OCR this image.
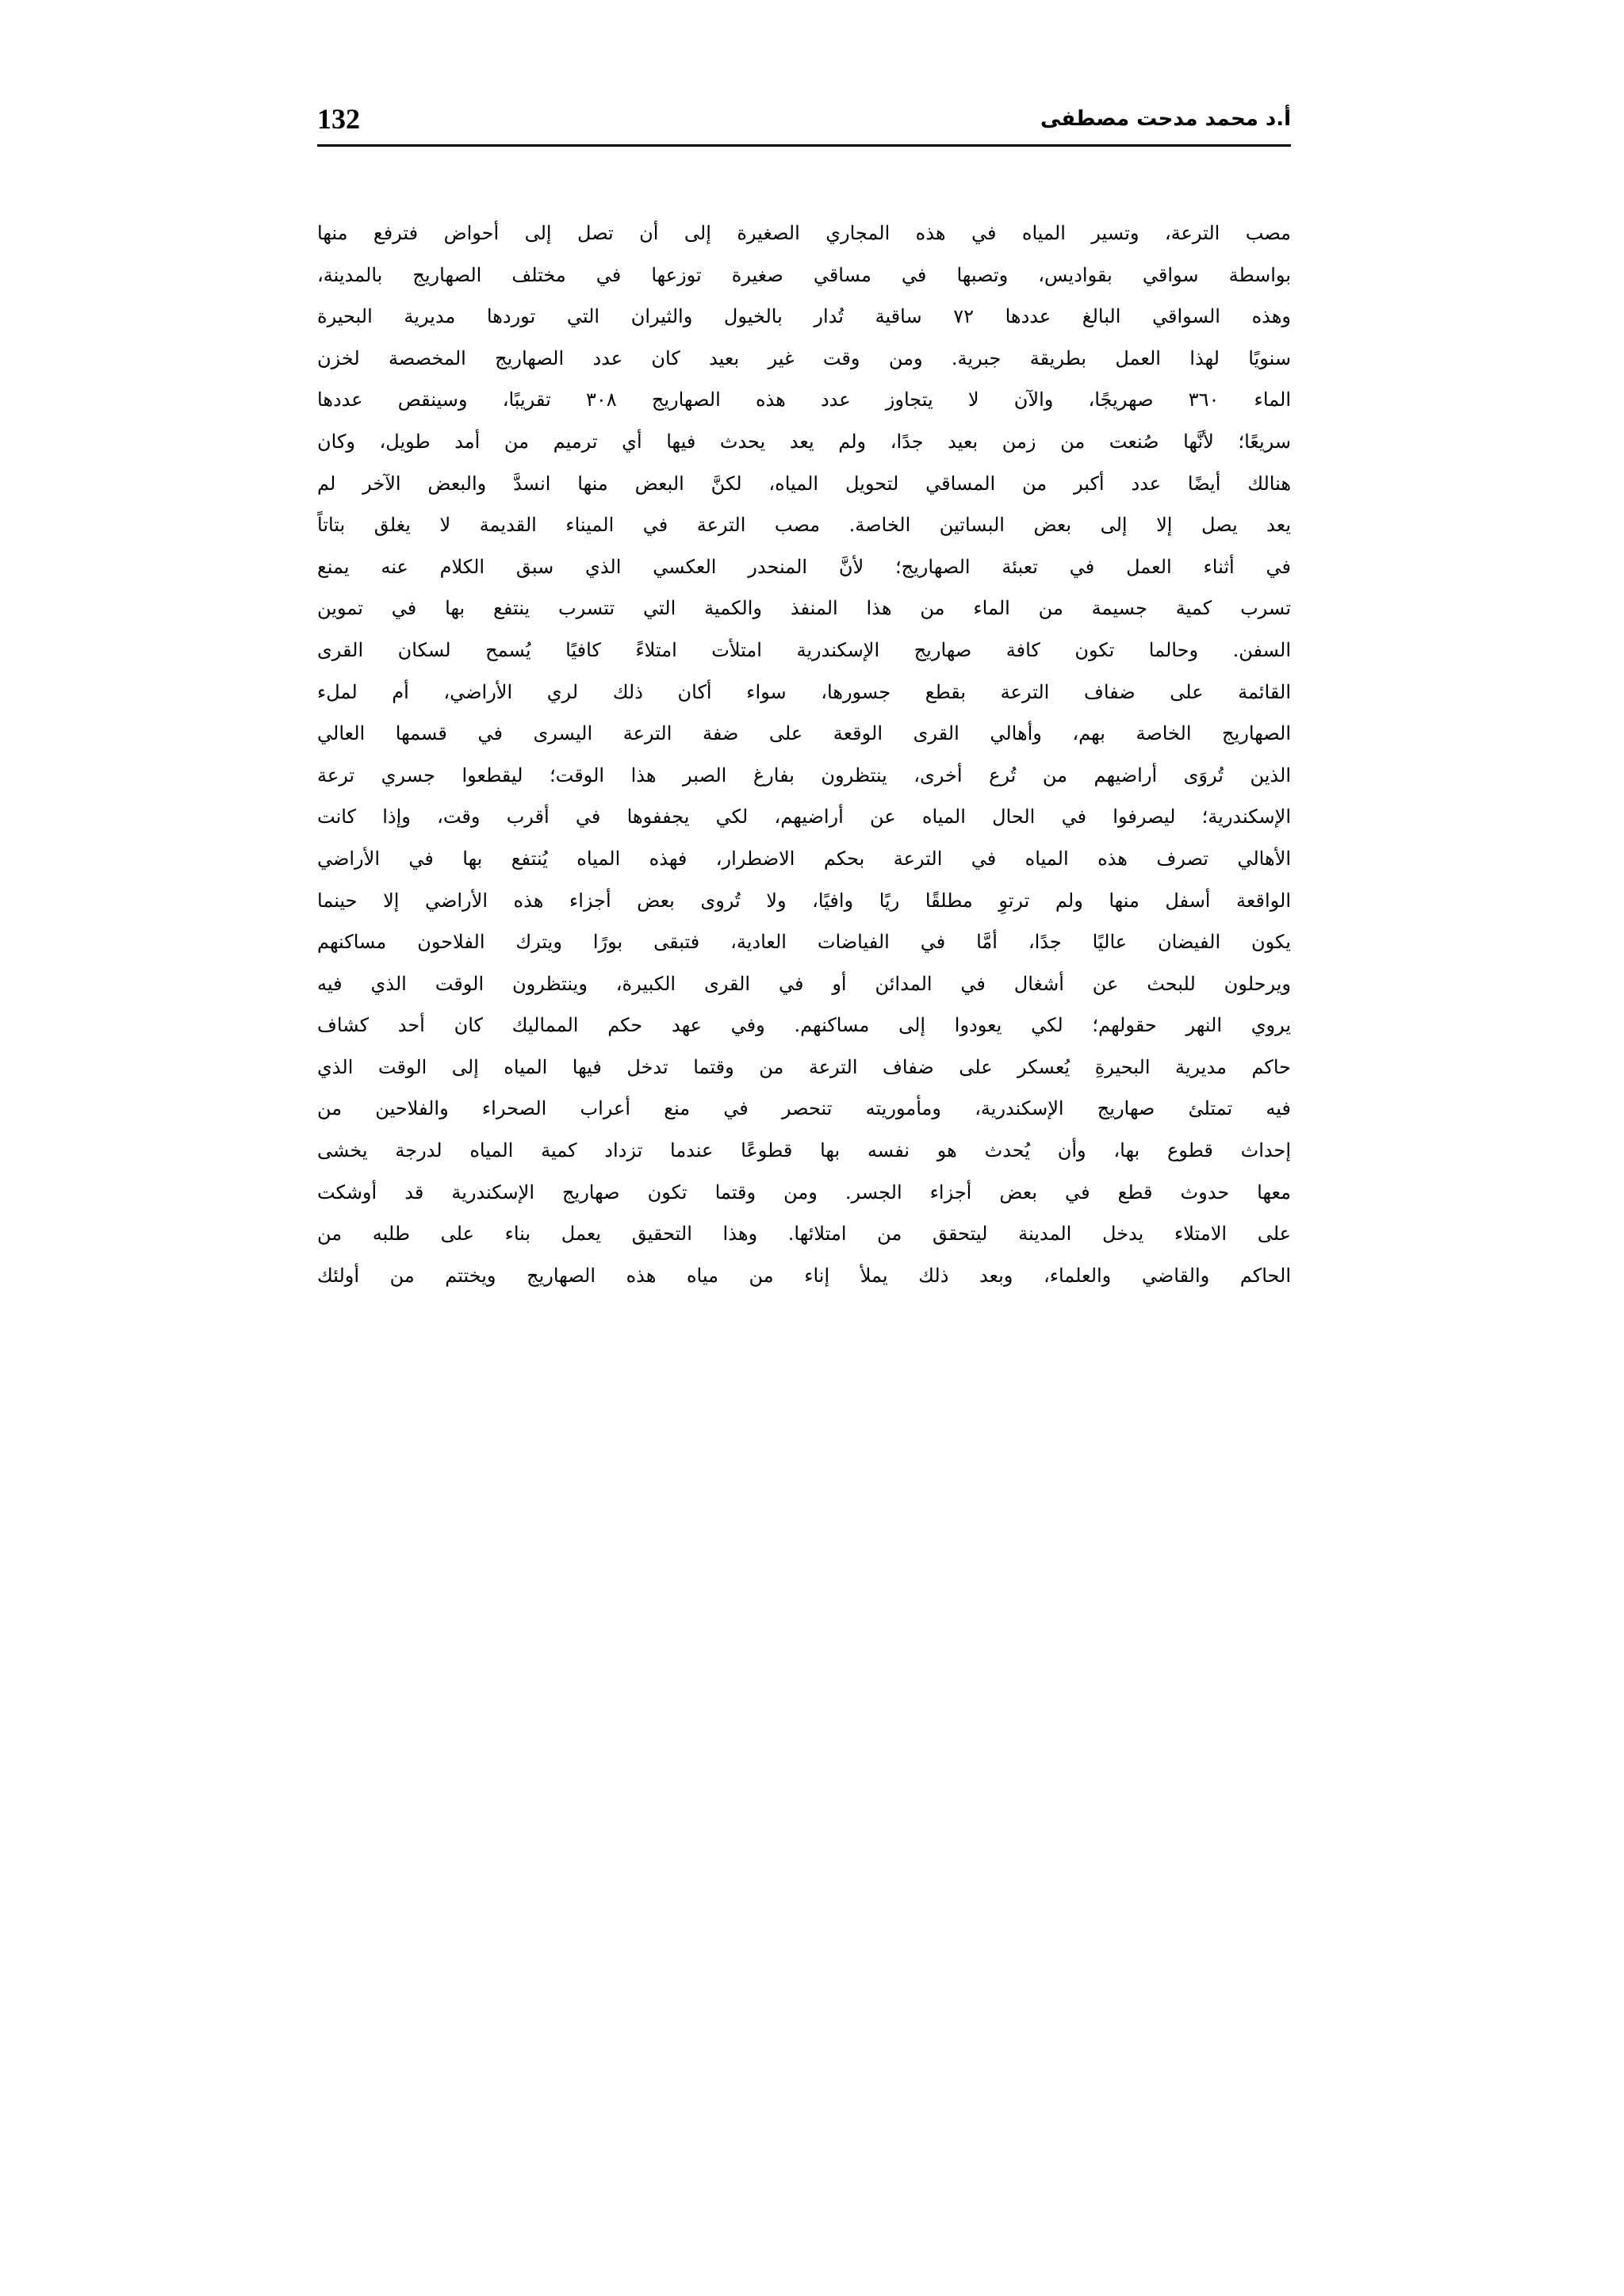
132	أ.د محمد مدحت مصطفى
مصب الترعة، وتسير المياه في هذه المجاري الصغيرة إلى أن تصل إلى أحواض فترفع منها
بواسطة سواقي بقواديس، وتصبها في مساقي صغيرة توزعها في مختلف الصهاريج بالمدينة،
وهذه السواقي البالغ عددها ٧٢ ساقية تُدار بالخيول والثيران التي توردها مديرية البحيرة
سنويًا لهذا العمل بطريقة جبرية. ومن وقت غير بعيد كان عدد الصهاريج المخصصة لخزن
الماء ٣٦٠ صهريجًا، والآن لا يتجاوز عدد هذه الصهاريج ٣٠٨ تقريبًا، وسينقص عددها
سريعًا؛ لأنَّها صُنعت من زمن بعيد جدًا، ولم يعد يحدث فيها أي ترميم من أمد طويل، وكان
هنالك أيضًا عدد أكبر من المساقي لتحويل المياه، لكنَّ البعض منها انسدَّ والبعض الآخر لم
يعد يصل إلا إلى بعض البساتين الخاصة. مصب الترعة في الميناء القديمة لا يغلق بتاتاً
في أثناء العمل في تعبئة الصهاريج؛ لأنَّ المنحدر العكسي الذي سبق الكلام عنه يمنع
تسرب كمية جسيمة من الماء من هذا المنفذ والكمية التي تتسرب ينتفع بها في تموين
السفن. وحالما تكون كافة صهاريج الإسكندرية امتلأت امتلاءً كافيًا يُسمح لسكان القرى
القائمة على ضفاف الترعة بقطع جسورها، سواء أكان ذلك لري الأراضي، أم لملء
الصهاريج الخاصة بهم، وأهالي القرى الوقعة على ضفة الترعة اليسرى في قسمها العالي
الذين تُروَى أراضيهم من تُرع أخرى، ينتظرون بفارغ الصبر هذا الوقت؛ ليقطعوا جسري ترعة
الإسكندرية؛ ليصرفوا في الحال المياه عن أراضيهم، لكي يجففوها في أقرب وقت، وإذا كانت
الأهالي تصرف هذه المياه في الترعة بحكم الاضطرار، فهذه المياه يُنتفع بها في الأراضي
الواقعة أسفل منها ولم ترتوِ مطلقًا ريًا وافيًا، ولا تُروى بعض أجزاء هذه الأراضي إلا حينما
يكون الفيضان عاليًا جدًا، أمَّا في الفياضات العادية، فتبقى بورًا ويترك الفلاحون مساكنهم
ويرحلون للبحث عن أشغال في المدائن أو في القرى الكبيرة، وينتظرون الوقت الذي فيه
يروي النهر حقولهم؛ لكي يعودوا إلى مساكنهم. وفي عهد حكم المماليك كان أحد كشاف
حاكم مديرية البحيرةِ يُعسكر على ضفاف الترعة من وقتما تدخل فيها المياه إلى الوقت الذي
فيه تمتلئ صهاريج الإسكندرية، ومأموريته تنحصر في منع أعراب الصحراء والفلاحين من
إحداث قطوع بها، وأن يُحدث هو نفسه بها قطوعًا عندما تزداد كمية المياه لدرجة يخشى
معها حدوث قطع في بعض أجزاء الجسر. ومن وقتما تكون صهاريج الإسكندرية قد أوشكت
على الامتلاء يدخل المدينة ليتحقق من امتلائها. وهذا التحقيق يعمل بناء على طلبه من
الحاكم والقاضي والعلماء، وبعد ذلك يملأ إناء من مياه هذه الصهاريج ويختتم من أولئك
